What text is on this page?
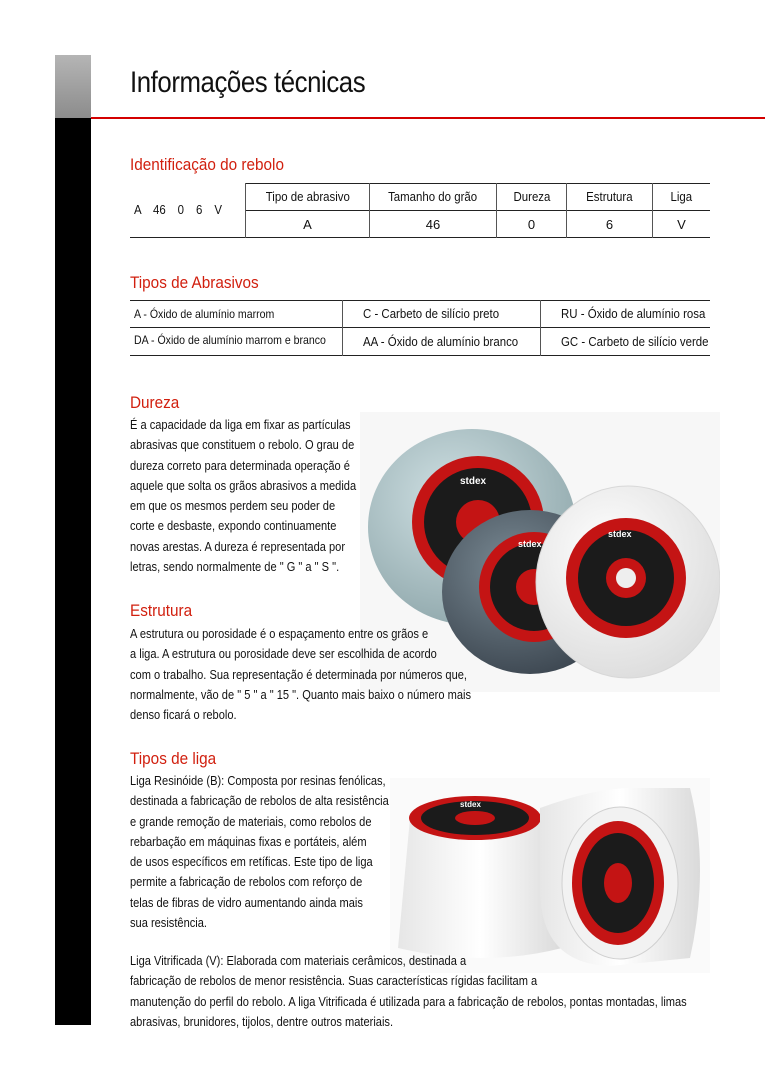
Informações técnicas
Identificação do rebolo
A 46 0 6 V
Tipo de abrasivo	Tamanho do grão	Dureza	Estrutura	Liga
A	46	0	6	V
Tipos de Abrasivos
A - Óxido de alumínio marrom	C - Carbeto de silício preto	RU - Óxido de alumínio rosa
DA - Óxido de alumínio marrom e branco	AA - Óxido de alumínio branco	GC - Carbeto de silício verde
stdex
stdex
stdex
Dureza
É a capacidade da liga em fixar as partículas
abrasivas que constituem o rebolo. O grau de
dureza correto para determinada operação é
aquele que solta os grãos abrasivos a medida
em que os mesmos perdem seu poder de
corte e desbaste, expondo continuamente
novas arestas. A dureza é representada por
letras, sendo normalmente de " G " a " S ".
Estrutura
A estrutura ou porosidade é o espaçamento entre os grãos e
a liga. A estrutura ou porosidade deve ser escolhida de acordo
com o trabalho. Sua representação é determinada por números que,
normalmente, vão de " 5 " a " 15 ". Quanto mais baixo o número mais
denso ficará o rebolo.
stdex
Tipos de liga
Liga Resinóide (B): Composta por resinas fenólicas,
destinada a fabricação de rebolos de alta resistência
e grande remoção de materiais, como rebolos de
rebarbação em máquinas fixas e portáteis, além
de usos específicos em retíficas. Este tipo de liga
permite a fabricação de rebolos com reforço de
telas de fibras de vidro aumentando ainda mais
sua resistência.
Liga Vitrificada (V): Elaborada com materiais cerâmicos, destinada a
fabricação de rebolos de menor resistência. Suas características rígidas facilitam a
manutenção do perfil do rebolo. A liga Vitrificada é utilizada para a fabricação de rebolos, pontas montadas, limas
abrasivas, brunidores, tijolos, dentre outros materiais.
